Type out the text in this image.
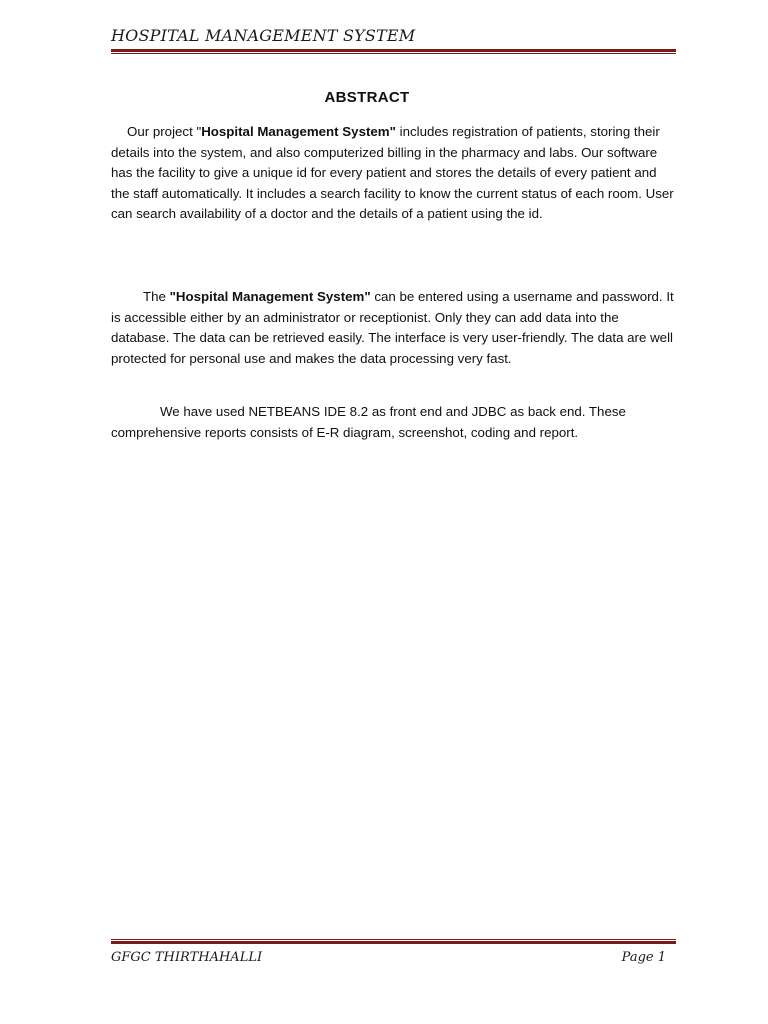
HOSPITAL MANAGEMENT SYSTEM
ABSTRACT

Our project "Hospital Management System" includes registration of patients, storing their details into the system, and also computerized billing in the pharmacy and labs. Our software has the facility to give a unique id for every patient and stores the details of every patient and the staff automatically. It includes a search facility to know the current status of each room. User can search availability of a doctor and the details of a patient using the id.

The "Hospital Management System" can be entered using a username and password. It is accessible either by an administrator or receptionist. Only they can add data into the database. The data can be retrieved easily. The interface is very user-friendly. The data are well protected for personal use and makes the data processing very fast.

We have used NETBEANS IDE 8.2 as front end and JDBC as back end. These comprehensive reports consists of E-R diagram, screenshot, coding and report.

GFGC THIRTHAHALLI	Page 1
